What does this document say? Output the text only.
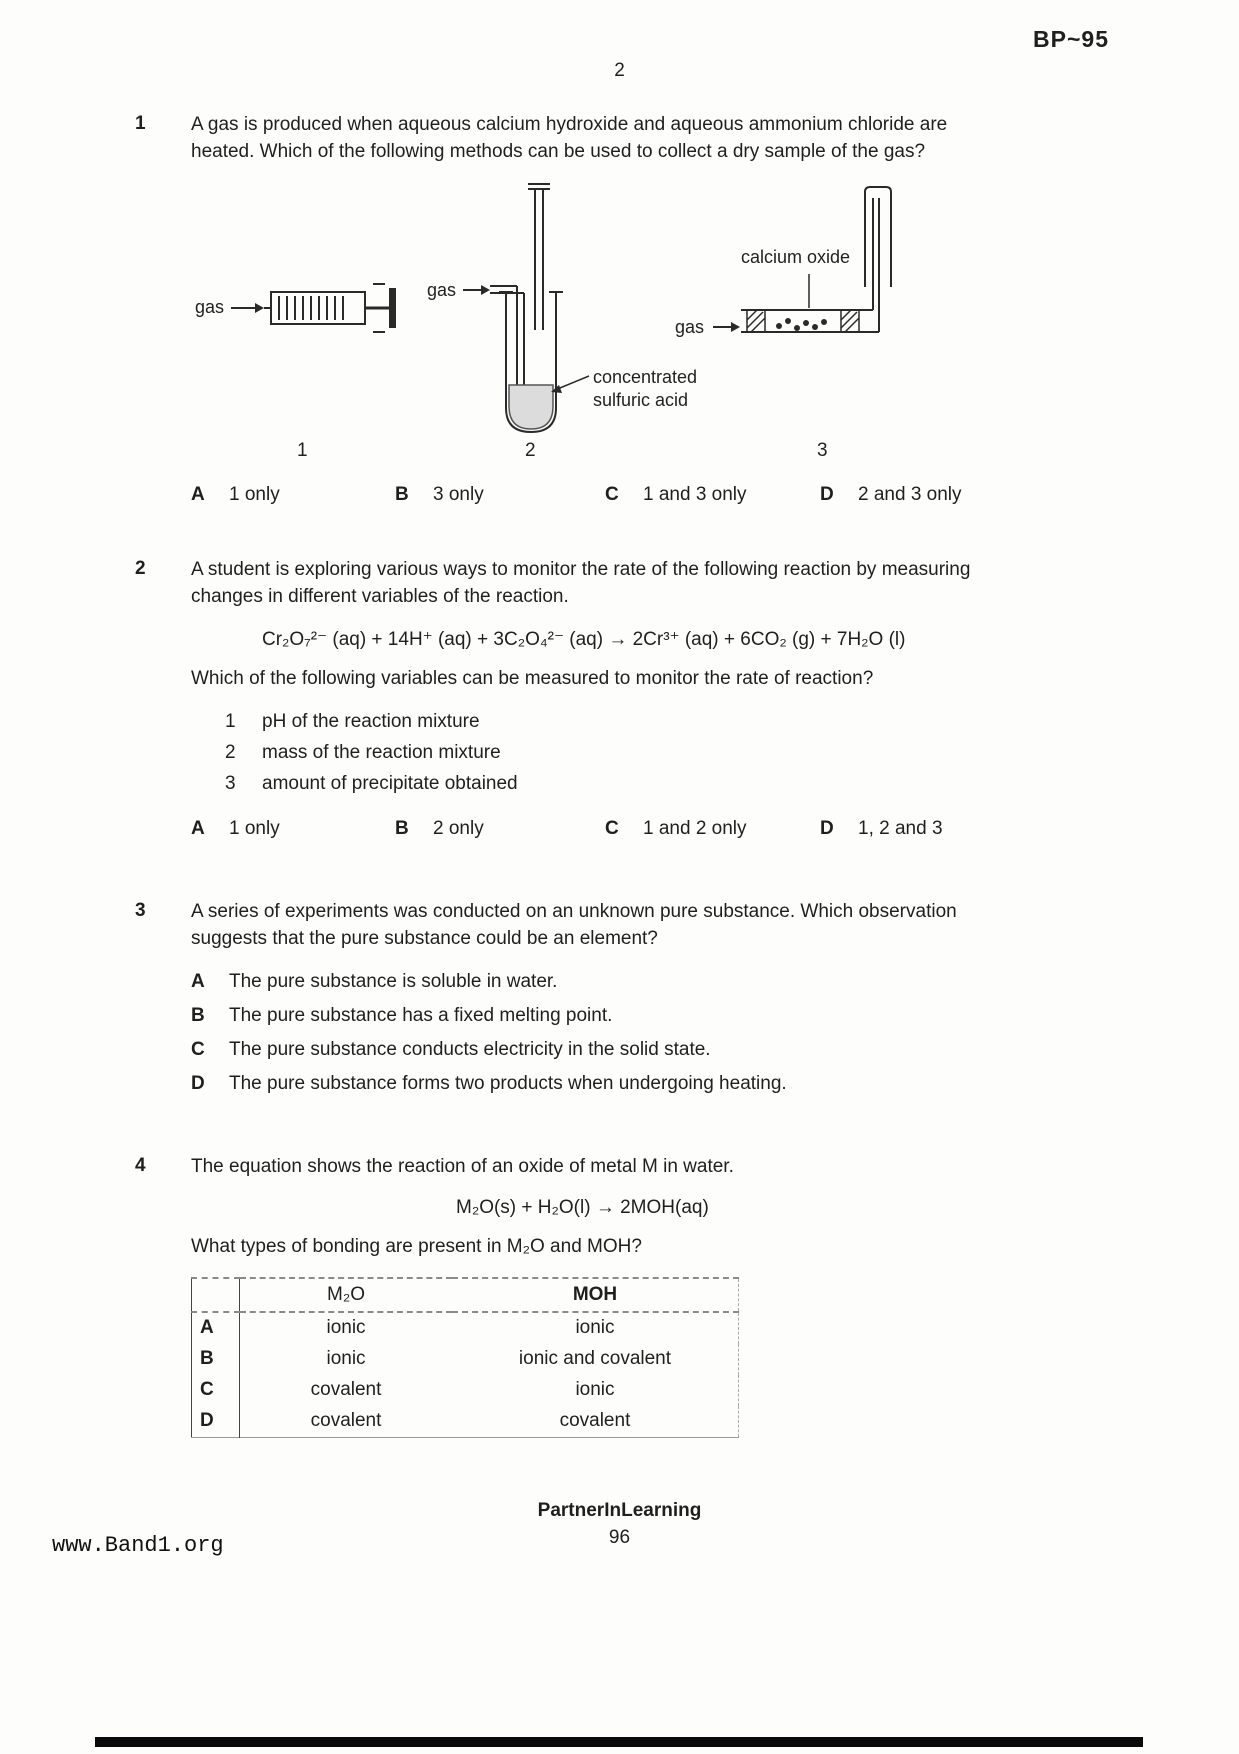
BP~95
2
1	A gas is produced when aqueous calcium hydroxide and aqueous ammonium chloride are heated. Which of the following methods can be used to collect a dry sample of the gas?
gas
gas
gas
concentrated sulfuric acid
calcium oxide
1	2	3
A	1 only	B	3 only	C	1 and 3 only	D	2 and 3 only
2	A student is exploring various ways to monitor the rate of the following reaction by measuring changes in different variables of the reaction.
Cr₂O₇²⁻ (aq) + 14H⁺ (aq) + 3C₂O₄²⁻ (aq) → 2Cr³⁺ (aq) + 6CO₂ (g) + 7H₂O (l)
Which of the following variables can be measured to monitor the rate of reaction?
1	pH of the reaction mixture
2	mass of the reaction mixture
3	amount of precipitate obtained
A	1 only	B	2 only	C	1 and 2 only	D	1, 2 and 3
3	A series of experiments was conducted on an unknown pure substance. Which observation suggests that the pure substance could be an element?
A	The pure substance is soluble in water.
B	The pure substance has a fixed melting point.
C	The pure substance conducts electricity in the solid state.
D	The pure substance forms two products when undergoing heating.
4	The equation shows the reaction of an oxide of metal M in water.
M₂O(s) + H₂O(l) → 2MOH(aq)
What types of bonding are present in M₂O and MOH?
	M₂O	MOH
A	ionic	ionic
B	ionic	ionic and covalent
C	covalent	ionic
D	covalent	covalent
PartnerInLearning
96
www.Band1.org
